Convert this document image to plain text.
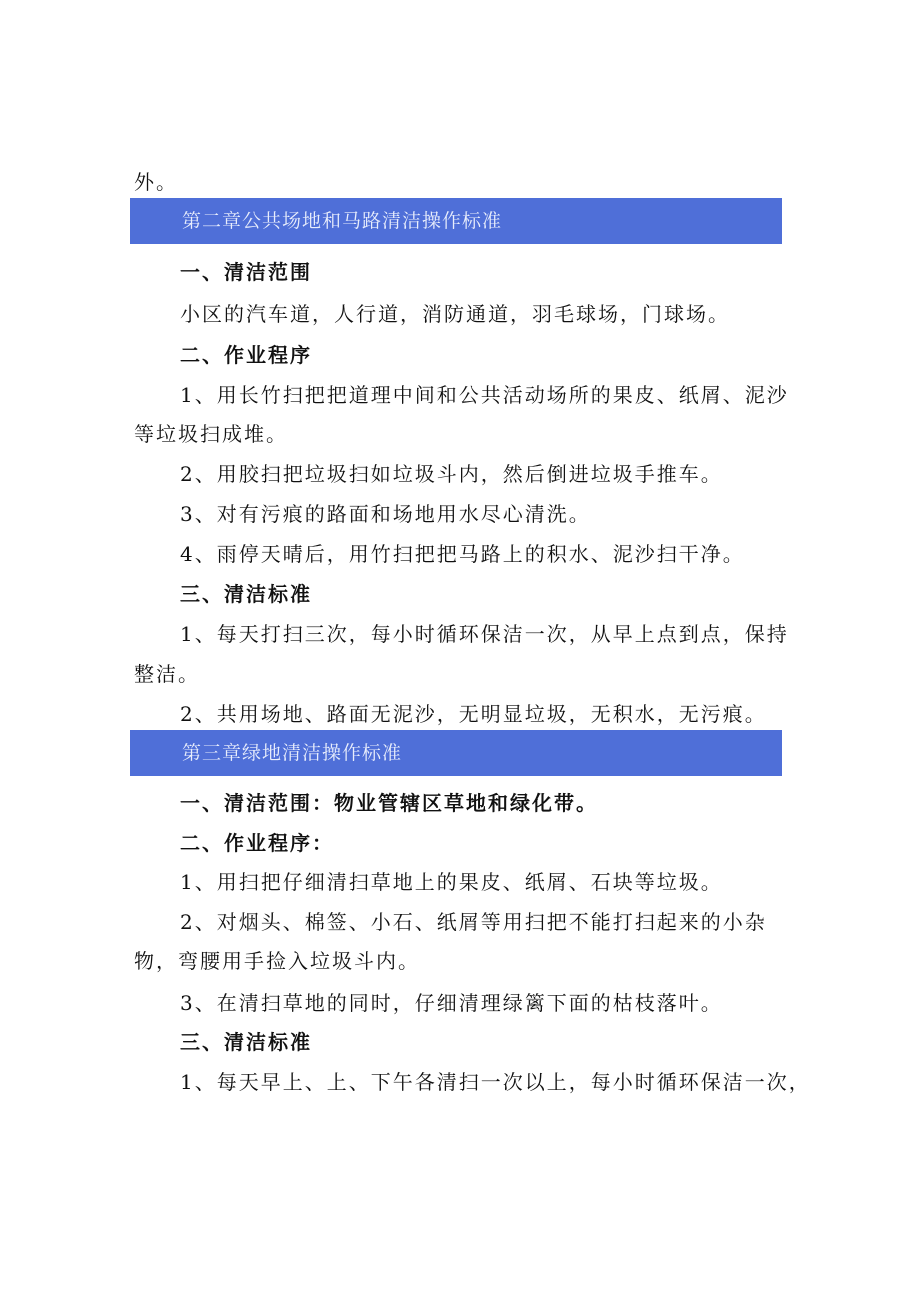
外。
第二章公共场地和马路清洁操作标准
一、清洁范围
小区的汽车道，人行道，消防通道，羽毛球场，门球场。
二、作业程序
1、用长竹扫把把道理中间和公共活动场所的果皮、纸屑、泥沙
等垃圾扫成堆。
2、用胶扫把垃圾扫如垃圾斗内，然后倒进垃圾手推车。
3、对有污痕的路面和场地用水尽心清洗。
4、雨停天晴后，用竹扫把把马路上的积水、泥沙扫干净。
三、清洁标准
1、每天打扫三次，每小时循环保洁一次，从早上点到点，保持
整洁。
2、共用场地、路面无泥沙，无明显垃圾，无积水，无污痕。
第三章绿地清洁操作标准
一、清洁范围：物业管辖区草地和绿化带。
二、作业程序：
1、用扫把仔细清扫草地上的果皮、纸屑、石块等垃圾。
2、对烟头、棉签、小石、纸屑等用扫把不能打扫起来的小杂
物，弯腰用手捡入垃圾斗内。
3、在清扫草地的同时，仔细清理绿篱下面的枯枝落叶。
三、清洁标准
1、每天早上、上、下午各清扫一次以上，每小时循环保洁一次，
